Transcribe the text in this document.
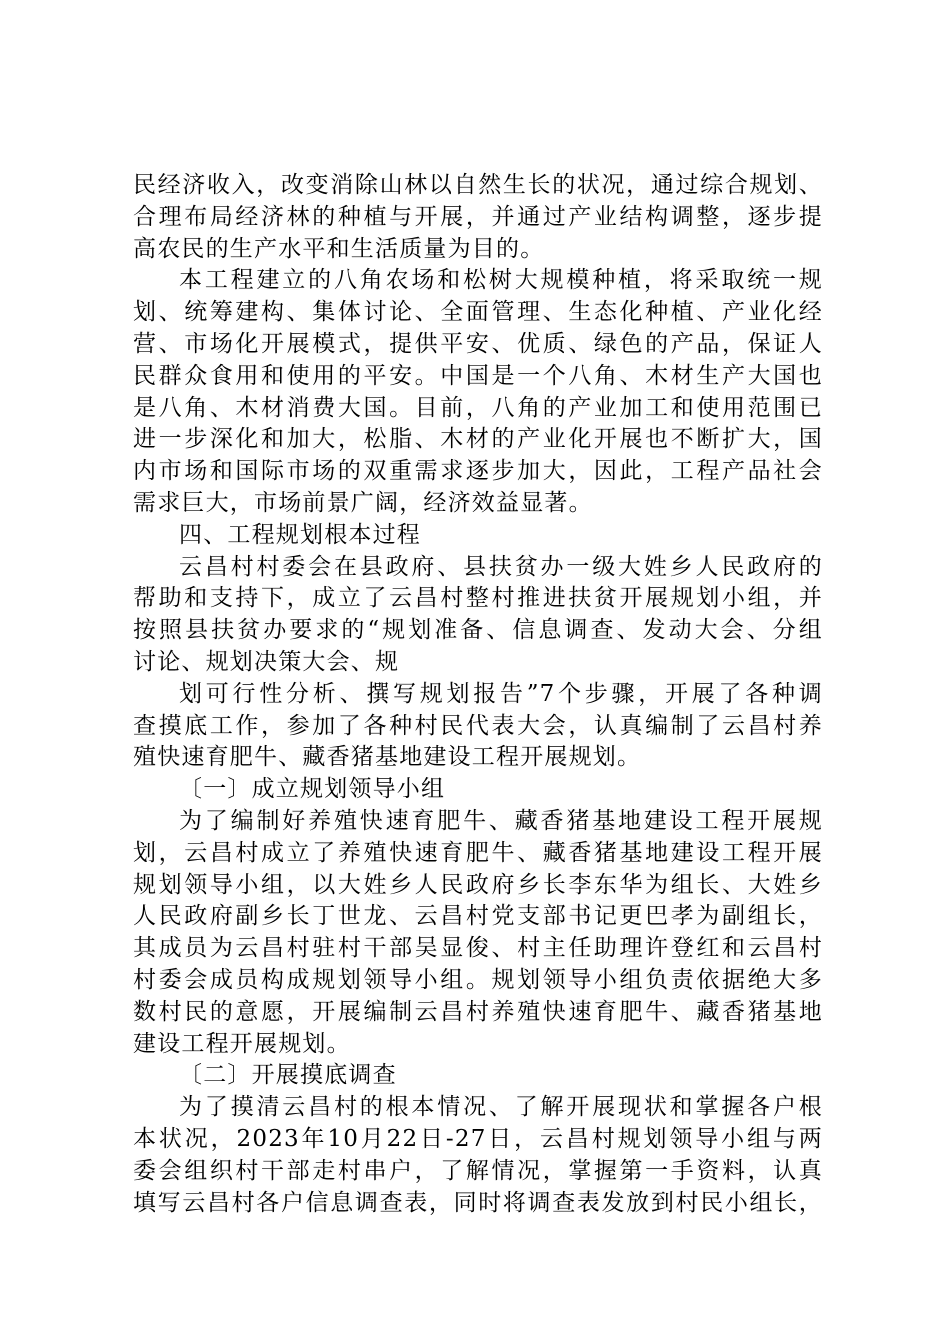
民经济收入，改变消除山林以自然生长的状况，通过综合规划、
合理布局经济林的种植与开展，并通过产业结构调整，逐步提
高农民的生产水平和生活质量为目的。
本工程建立的八角农场和松树大规模种植，将采取统一规
划、统筹建构、集体讨论、全面管理、生态化种植、产业化经
营、市场化开展模式，提供平安、优质、绿色的产品，保证人
民群众食用和使用的平安。中国是一个八角、木材生产大国也
是八角、木材消费大国。目前，八角的产业加工和使用范围已
进一步深化和加大，松脂、木材的产业化开展也不断扩大，国
内市场和国际市场的双重需求逐步加大，因此，工程产品社会
需求巨大，市场前景广阔，经济效益显著。
四、工程规划根本过程
云昌村村委会在县政府、县扶贫办一级大姓乡人民政府的
帮助和支持下，成立了云昌村整村推进扶贫开展规划小组，并
按照县扶贫办要求的“规划准备、信息调查、发动大会、分组
讨论、规划决策大会、规
划可行性分析、撰写规划报告”7个步骤，开展了各种调
查摸底工作，参加了各种村民代表大会，认真编制了云昌村养
殖快速育肥牛、藏香猪基地建设工程开展规划。
〔一〕成立规划领导小组
为了编制好养殖快速育肥牛、藏香猪基地建设工程开展规
划，云昌村成立了养殖快速育肥牛、藏香猪基地建设工程开展
规划领导小组，以大姓乡人民政府乡长李东华为组长、大姓乡
人民政府副乡长丁世龙、云昌村党支部书记更巴孝为副组长，
其成员为云昌村驻村干部吴显俊、村主任助理许登红和云昌村
村委会成员构成规划领导小组。规划领导小组负责依据绝大多
数村民的意愿，开展编制云昌村养殖快速育肥牛、藏香猪基地
建设工程开展规划。
〔二〕开展摸底调查
为了摸清云昌村的根本情况、了解开展现状和掌握各户根
本状况，2023年10月22日-27日，云昌村规划领导小组与两
委会组织村干部走村串户，了解情况，掌握第一手资料，认真
填写云昌村各户信息调查表，同时将调查表发放到村民小组长，
